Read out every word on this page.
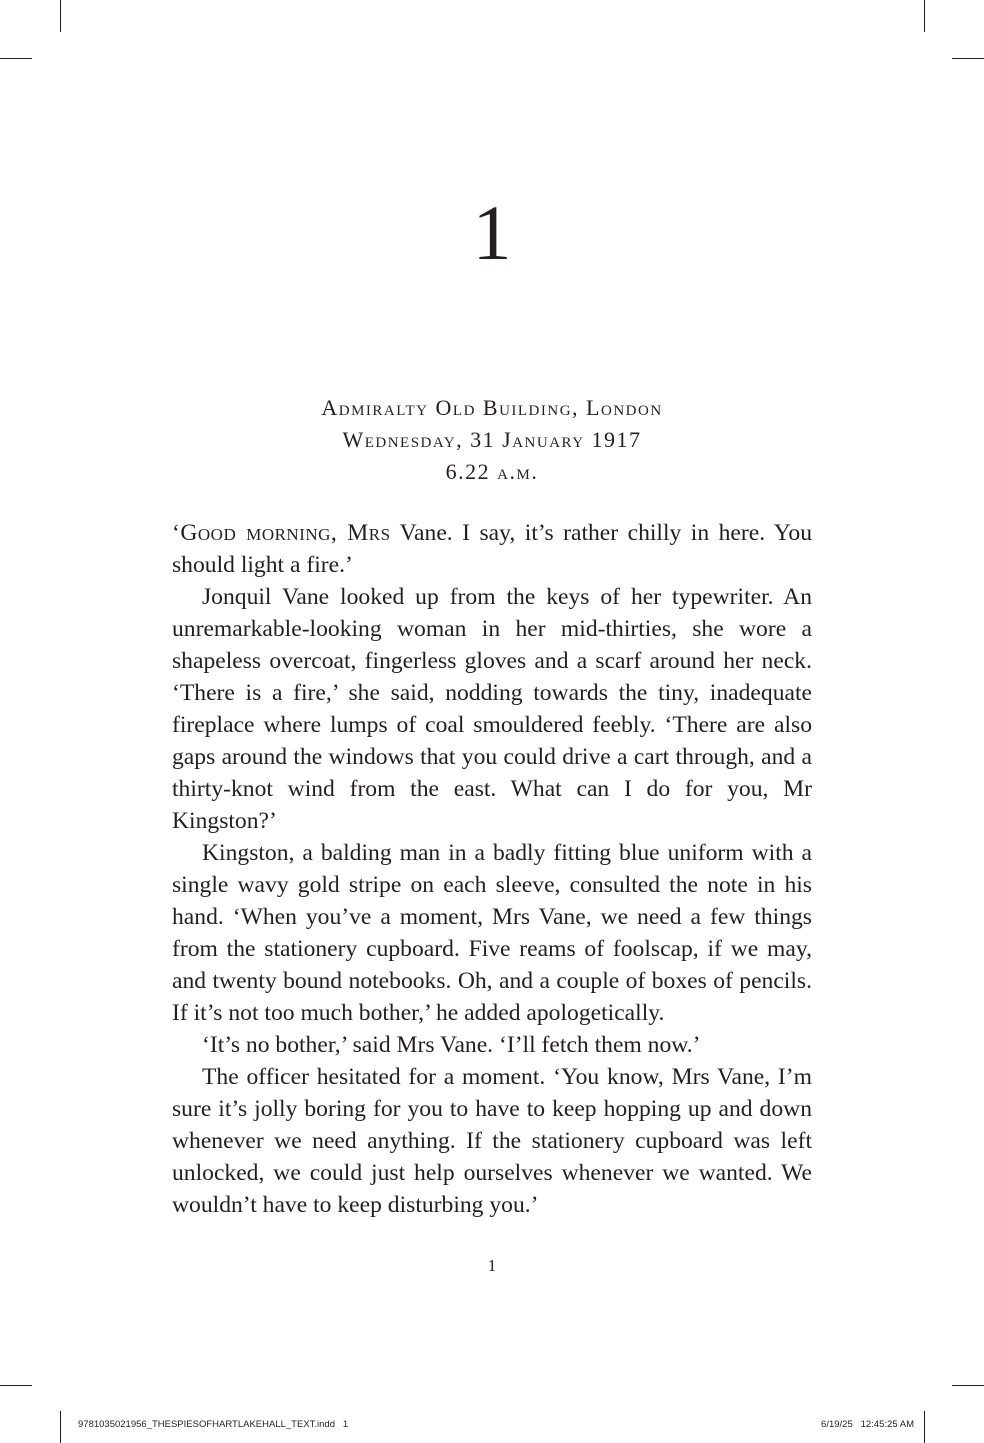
1
Admiralty Old Building, London
Wednesday, 31 January 1917
6.22 a.m.

‘Good morning, Mrs Vane. I say, it’s rather chilly in here. You should light a fire.’

Jonquil Vane looked up from the keys of her typewriter. An unremarkable-looking woman in her mid-thirties, she wore a shapeless overcoat, fingerless gloves and a scarf around her neck. ‘There is a fire,’ she said, nodding towards the tiny, inadequate fireplace where lumps of coal smouldered feebly. ‘There are also gaps around the windows that you could drive a cart through, and a thirty-knot wind from the east. What can I do for you, Mr Kingston?’

Kingston, a balding man in a badly fitting blue uniform with a single wavy gold stripe on each sleeve, consulted the note in his hand. ‘When you’ve a moment, Mrs Vane, we need a few things from the stationery cupboard. Five reams of foolscap, if we may, and twenty bound notebooks. Oh, and a couple of boxes of pencils. If it’s not too much bother,’ he added apologetically.

‘It’s no bother,’ said Mrs Vane. ‘I’ll fetch them now.’

The officer hesitated for a moment. ‘You know, Mrs Vane, I’m sure it’s jolly boring for you to have to keep hopping up and down whenever we need anything. If the stationery cupboard was left unlocked, we could just help ourselves whenever we wanted. We wouldn’t have to keep disturbing you.’

1
9781035021956_THESPIESOFHARTLAKEHALL_TEXT.indd   1	6/19/25   12:45:25 AM
